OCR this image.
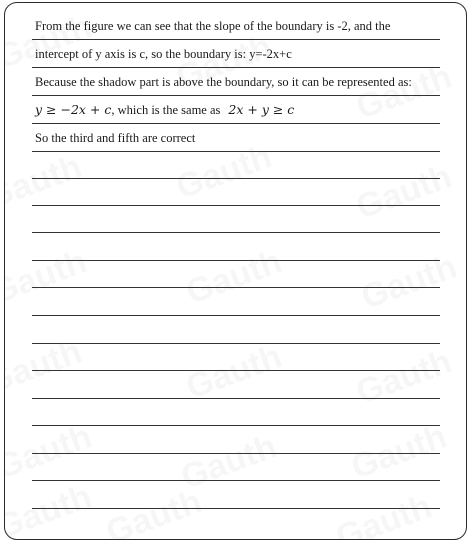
From the figure we can see that the slope of the boundary is -2, and the
intercept of y axis is c, so the boundary is: y=-2x+c
Because the shadow part is above the boundary, so it can be represented as:
y ≥ −2x + c, which is the same as 2x + y ≥ c
So the third and fifth are correct
